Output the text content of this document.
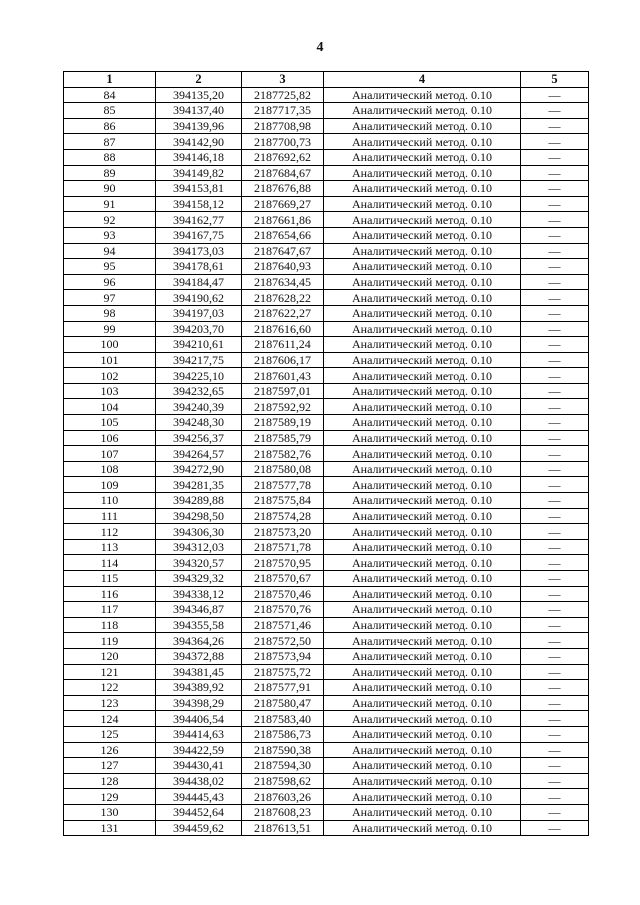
4
1	2	3	4	5
84	394135,20	2187725,82	Аналитический метод. 0.10	—
85	394137,40	2187717,35	Аналитический метод. 0.10	—
86	394139,96	2187708,98	Аналитический метод. 0.10	—
87	394142,90	2187700,73	Аналитический метод. 0.10	—
88	394146,18	2187692,62	Аналитический метод. 0.10	—
89	394149,82	2187684,67	Аналитический метод. 0.10	—
90	394153,81	2187676,88	Аналитический метод. 0.10	—
91	394158,12	2187669,27	Аналитический метод. 0.10	—
92	394162,77	2187661,86	Аналитический метод. 0.10	—
93	394167,75	2187654,66	Аналитический метод. 0.10	—
94	394173,03	2187647,67	Аналитический метод. 0.10	—
95	394178,61	2187640,93	Аналитический метод. 0.10	—
96	394184,47	2187634,45	Аналитический метод. 0.10	—
97	394190,62	2187628,22	Аналитический метод. 0.10	—
98	394197,03	2187622,27	Аналитический метод. 0.10	—
99	394203,70	2187616,60	Аналитический метод. 0.10	—
100	394210,61	2187611,24	Аналитический метод. 0.10	—
101	394217,75	2187606,17	Аналитический метод. 0.10	—
102	394225,10	2187601,43	Аналитический метод. 0.10	—
103	394232,65	2187597,01	Аналитический метод. 0.10	—
104	394240,39	2187592,92	Аналитический метод. 0.10	—
105	394248,30	2187589,19	Аналитический метод. 0.10	—
106	394256,37	2187585,79	Аналитический метод. 0.10	—
107	394264,57	2187582,76	Аналитический метод. 0.10	—
108	394272,90	2187580,08	Аналитический метод. 0.10	—
109	394281,35	2187577,78	Аналитический метод. 0.10	—
110	394289,88	2187575,84	Аналитический метод. 0.10	—
111	394298,50	2187574,28	Аналитический метод. 0.10	—
112	394306,30	2187573,20	Аналитический метод. 0.10	—
113	394312,03	2187571,78	Аналитический метод. 0.10	—
114	394320,57	2187570,95	Аналитический метод. 0.10	—
115	394329,32	2187570,67	Аналитический метод. 0.10	—
116	394338,12	2187570,46	Аналитический метод. 0.10	—
117	394346,87	2187570,76	Аналитический метод. 0.10	—
118	394355,58	2187571,46	Аналитический метод. 0.10	—
119	394364,26	2187572,50	Аналитический метод. 0.10	—
120	394372,88	2187573,94	Аналитический метод. 0.10	—
121	394381,45	2187575,72	Аналитический метод. 0.10	—
122	394389,92	2187577,91	Аналитический метод. 0.10	—
123	394398,29	2187580,47	Аналитический метод. 0.10	—
124	394406,54	2187583,40	Аналитический метод. 0.10	—
125	394414,63	2187586,73	Аналитический метод. 0.10	—
126	394422,59	2187590,38	Аналитический метод. 0.10	—
127	394430,41	2187594,30	Аналитический метод. 0.10	—
128	394438,02	2187598,62	Аналитический метод. 0.10	—
129	394445,43	2187603,26	Аналитический метод. 0.10	—
130	394452,64	2187608,23	Аналитический метод. 0.10	—
131	394459,62	2187613,51	Аналитический метод. 0.10	—
